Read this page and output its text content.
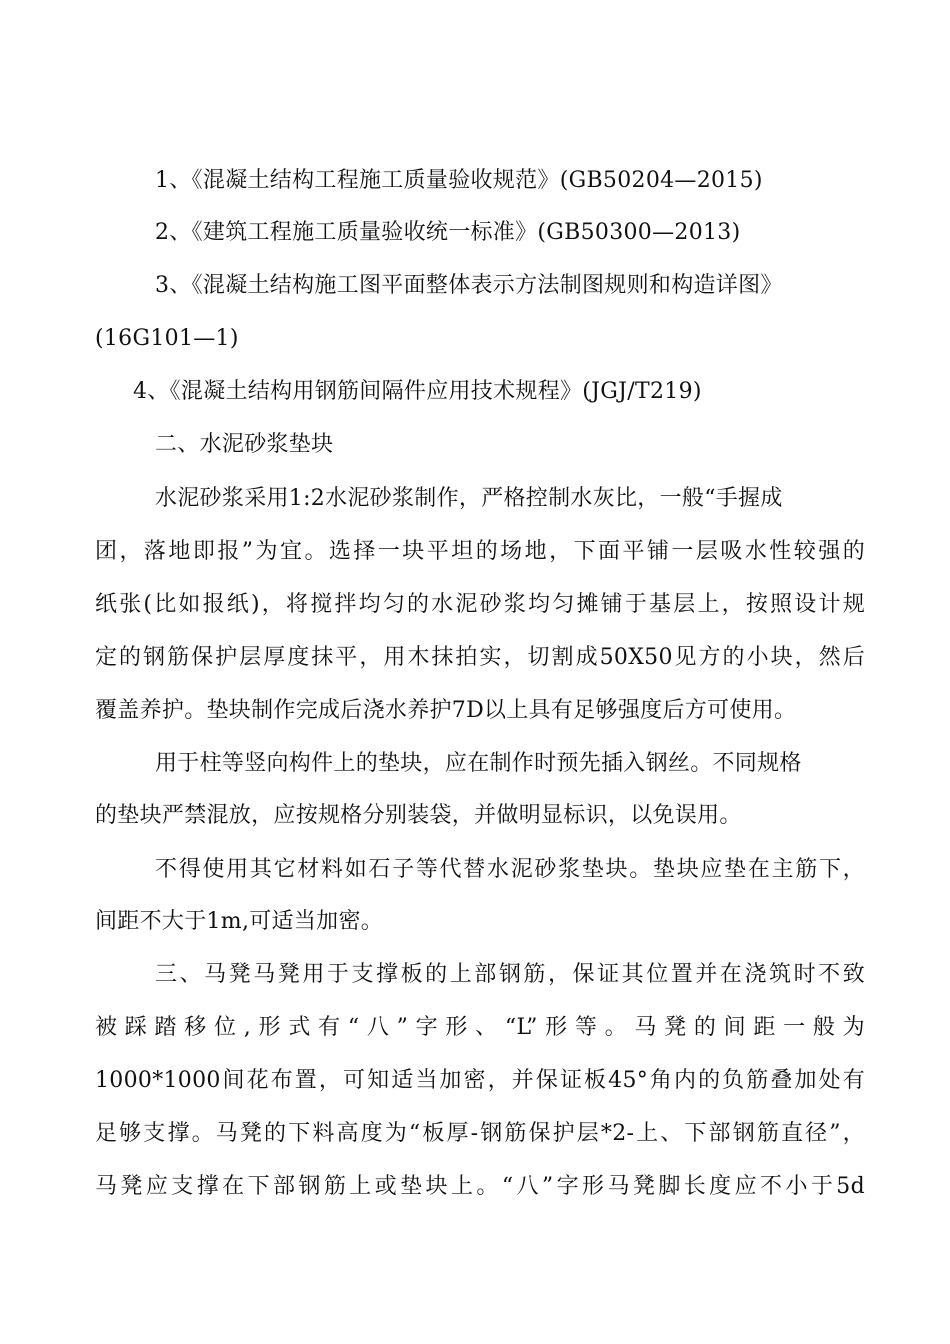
1、《混凝土结构工程施工质量验收规范》(GB50204—2015)
2、《建筑工程施工质量验收统一标准》(GB50300—2013)
3、《混凝土结构施工图平面整体表示方法制图规则和构造详图》
(16G101—1)
4、《混凝土结构用钢筋间隔件应用技术规程》(JGJ/T219)
二、水泥砂浆垫块
水泥砂浆采用1:2水泥砂浆制作，严格控制水灰比，一般“手握成
团，落地即报”为宜。选择一块平坦的场地，下面平铺一层吸水性较强的
纸张(比如报纸)，将搅拌均匀的水泥砂浆均匀摊铺于基层上，按照设计规
定的钢筋保护层厚度抹平，用木抹拍实，切割成50X50见方的小块，然后
覆盖养护。垫块制作完成后浇水养护7D以上具有足够强度后方可使用。
用于柱等竖向构件上的垫块，应在制作时预先插入钢丝。不同规格
的垫块严禁混放，应按规格分别装袋，并做明显标识，以免误用。
不得使用其它材料如石子等代替水泥砂浆垫块。垫块应垫在主筋下，
间距不大于1m,可适当加密。
三、马凳马凳用于支撑板的上部钢筋，保证其位置并在浇筑时不致
被踩踏移位,形式有“八”字形、“L”形等。马凳的间距一般为
1000*1000间花布置，可知适当加密，并保证板45°角内的负筋叠加处有
足够支撑。马凳的下料高度为“板厚-钢筋保护层*2-上、下部钢筋直径”，
马凳应支撑在下部钢筋上或垫块上。“八”字形马凳脚长度应不小于5d
